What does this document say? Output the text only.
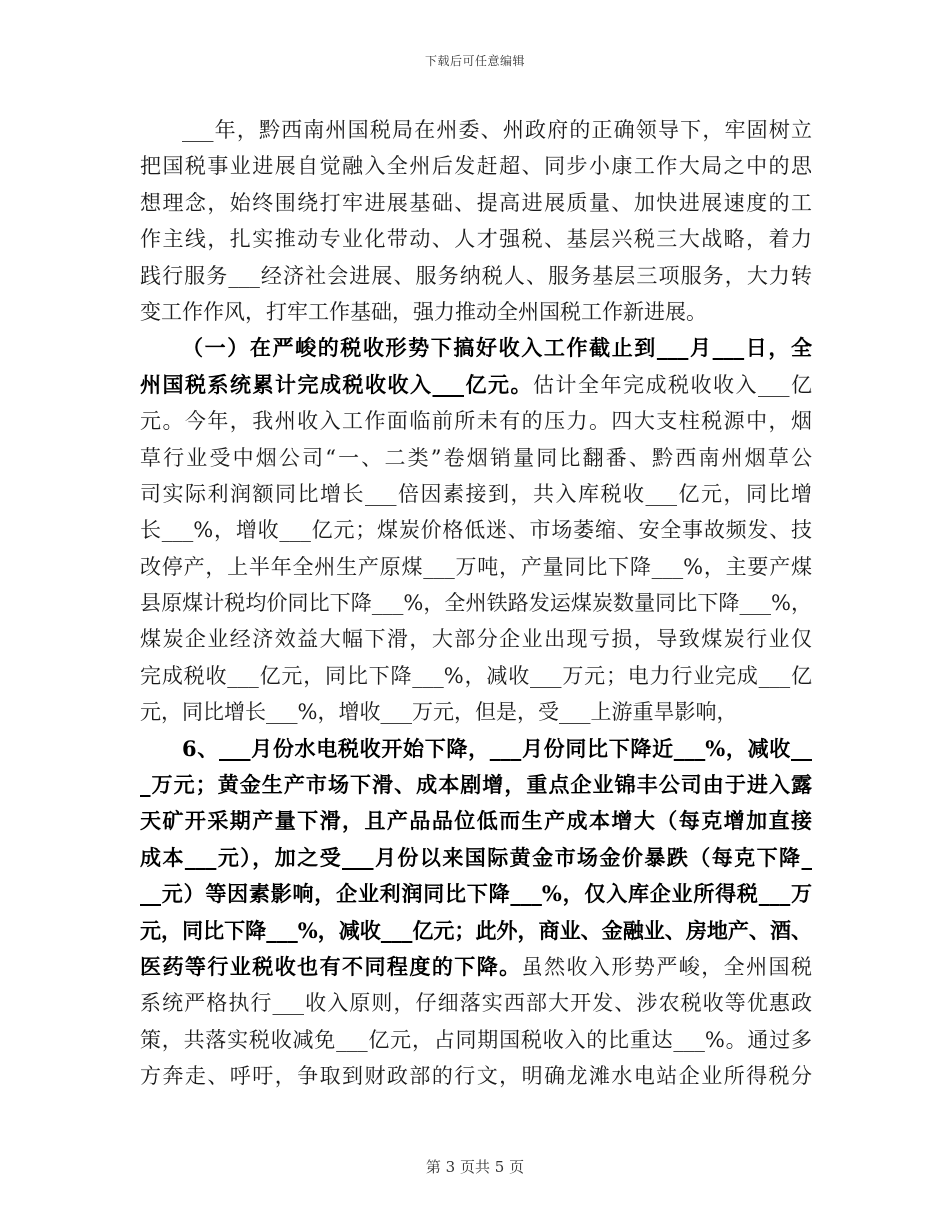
下载后可任意编辑
___年，黔西南州国税局在州委、州政府的正确领导下，牢固树立
把国税事业进展自觉融入全州后发赶超、同步小康工作大局之中的思
想理念，始终围绕打牢进展基础、提高进展质量、加快进展速度的工
作主线，扎实推动专业化带动、人才强税、基层兴税三大战略，着力
践行服务___经济社会进展、服务纳税人、服务基层三项服务，大力转
变工作作风，打牢工作基础，强力推动全州国税工作新进展。
（一）在严峻的税收形势下搞好收入工作截止到___月___日，全
州国税系统累计完成税收收入___亿元。估计全年完成税收收入___亿
元。今年，我州收入工作面临前所未有的压力。四大支柱税源中，烟
草行业受中烟公司“一、二类”卷烟销量同比翻番、黔西南州烟草公
司实际利润额同比增长___倍因素接到，共入库税收___亿元，同比增
长___%，增收___亿元；煤炭价格低迷、市场萎缩、安全事故频发、技
改停产，上半年全州生产原煤___万吨，产量同比下降___%，主要产煤
县原煤计税均价同比下降___%，全州铁路发运煤炭数量同比下降___%，
煤炭企业经济效益大幅下滑，大部分企业出现亏损，导致煤炭行业仅
完成税收___亿元，同比下降___%，减收___万元；电力行业完成___亿
元，同比增长___%，增收___万元，但是，受___上游重旱影响，
6、___月份水电税收开始下降，___月份同比下降近___%，减收__
_万元；黄金生产市场下滑、成本剧增，重点企业锦丰公司由于进入露
天矿开采期产量下滑，且产品品位低而生产成本增大（每克增加直接
成本___元），加之受___月份以来国际黄金市场金价暴跌（每克下降_
__元）等因素影响，企业利润同比下降___%，仅入库企业所得税___万
元，同比下降___%，减收___亿元；此外，商业、金融业、房地产、酒、
医药等行业税收也有不同程度的下降。虽然收入形势严峻，全州国税
系统严格执行___收入原则，仔细落实西部大开发、涉农税收等优惠政
策，共落实税收减免___亿元，占同期国税收入的比重达___%。通过多
方奔走、呼吁，争取到财政部的行文，明确龙滩水电站企业所得税分
第 3 页共 5 页
